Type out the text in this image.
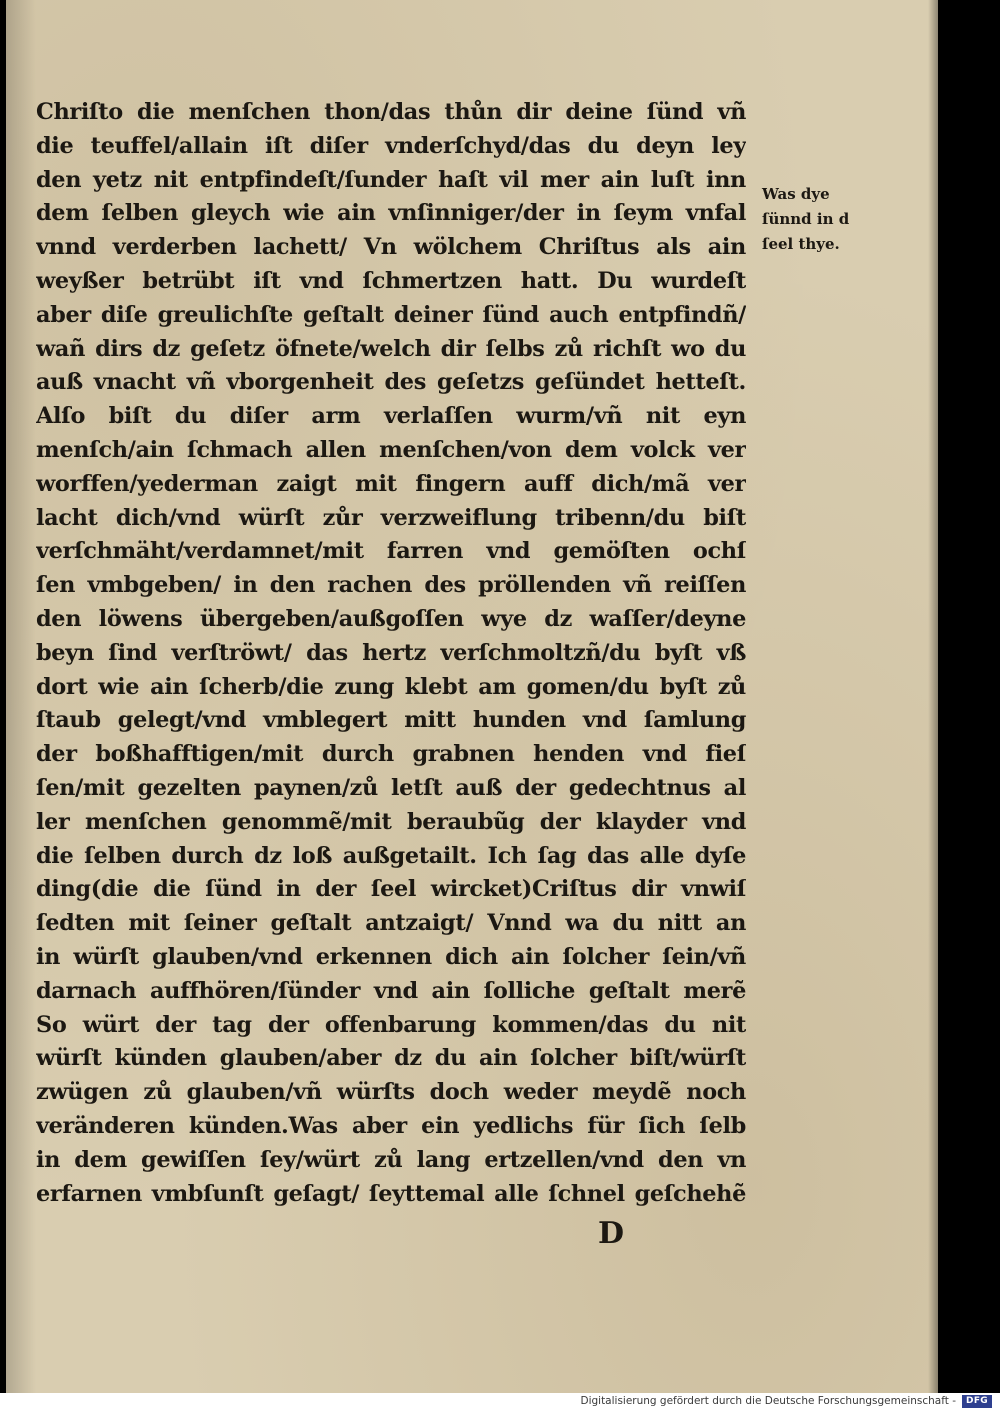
Chriſto die menſchen thon/das thůn dir deine ſünd vñ
die teuffel/allain iſt diſer vnderſchyd/das du deyn ley
den yetz nit entpfindeſt/ſunder haſt vil mer ain luſt inn
dem ſelben gleych wie ain vnſinniger/der in ſeym vnfal
vnnd verderben lachett/ Vn wölchem Chriſtus als ain
weyßer betrübt iſt vnd ſchmertzen hatt. Du wurdeſt
aber diſe greulichſte geſtalt deiner ſünd auch entpfindñ/
wañ dirs dz geſetz öfnete/welch dir ſelbs zů richſt wo du
auß vnacht vñ vborgenheit des geſetzs geſündet hetteſt.
Alſo biſt du diſer arm verlaſſen wurm/vñ nit eyn
menſch/ain ſchmach allen menſchen/von dem volck ver
worffen/yederman zaigt mit fingern auff dich/mã ver
lacht dich/vnd würſt zůr verzweiflung tribenn/du biſt
verſchmäht/verdamnet/mit farren vnd gemöſten ochſ
ſen vmbgeben/ in den rachen des pröllenden vñ reiſſen
den löwens übergeben/außgoſſen wye dz waſſer/deyne
beyn ſind verſtröwt/ das hertz verſchmoltzñ/du byſt vß
dort wie ain ſcherb/die zung klebt am gomen/du byſt zů
ſtaub gelegt/vnd vmblegert mitt hunden vnd ſamlung
der boßhafftigen/mit durch grabnen henden vnd fieſ
ſen/mit gezelten paynen/zů letſt auß der gedechtnus al
ler menſchen genommẽ/mit beraubũg der klayder vnd
die ſelben durch dz loß außgetailt. Ich ſag das alle dyſe
ding(die die ſünd in der ſeel wircket)Criſtus dir vnwiſ
ſedten mit ſeiner geſtalt antzaigt/ Vnnd wa du nitt an
in würſt glauben/vnd erkennen dich ain ſolcher ſein/vñ
darnach auffhören/ſünder vnd ain ſolliche geſtalt merẽ
So würt der tag der offenbarung kommen/das du nit
würſt künden glauben/aber dz du ain ſolcher biſt/würſt
zwügen zů glauben/vñ würſts doch weder meydẽ noch
veränderen künden.Was aber ein yedlichs für ſich ſelb
in dem gewiſſen ſey/würt zů lang ertzellen/vnd den vn
erfarnen vmbſunſt geſagt/ ſeyttemal alle ſchnel geſchehẽ
Was dye
ſünnd in d
ſeel thye.
D
Digitalisierung gefördert durch die Deutsche Forschungsgemeinschaft -	DFG
